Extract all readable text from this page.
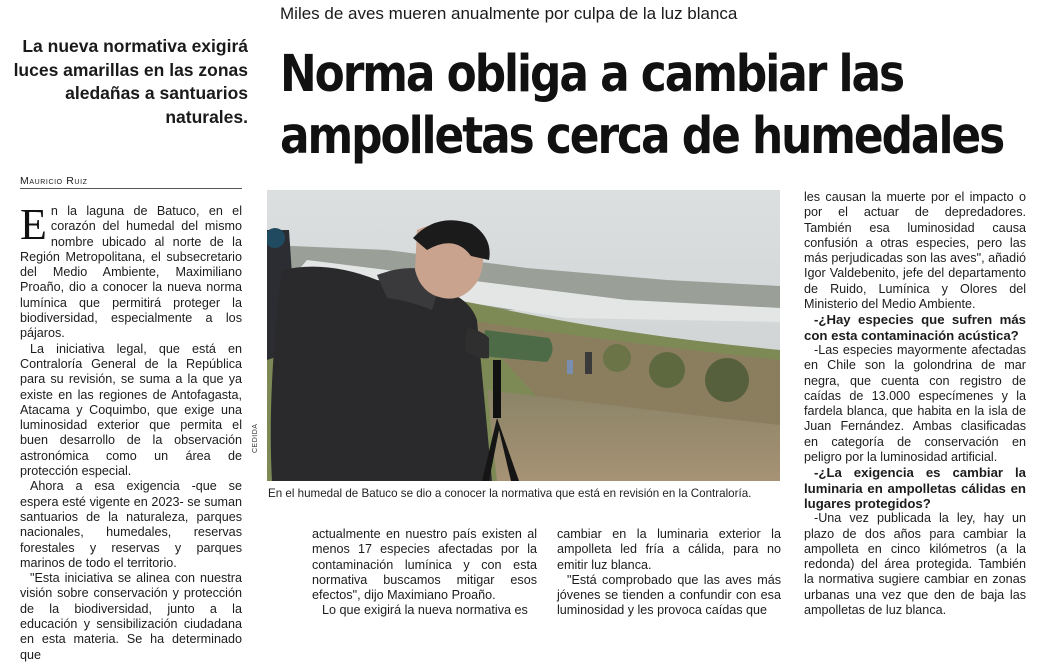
Miles de aves mueren anualmente por culpa de la luz blanca
Norma obliga a cambiar las
ampolletas cerca de humedales
La nueva normativa exigirá luces amarillas en las zonas aledañas a santuarios naturales.
Mauricio Ruiz

En la laguna de Batuco, en el corazón del humedal del mismo nombre ubicado al norte de la Región Metropolitana, el subsecretario del Medio Ambiente, Maximiliano Proaño, dio a conocer la nueva norma lumínica que permitirá proteger la biodiversidad, especialmente a los pájaros.

La iniciativa legal, que está en Contraloría General de la República para su revisión, se suma a la que ya existe en las regiones de Antofagasta, Atacama y Coquimbo, que exige una luminosidad exterior que permita el buen desarrollo de la observación astronómica como un área de protección especial.

Ahora a esa exigencia -que se espera esté vigente en 2023- se suman santuarios de la naturaleza, parques nacionales, humedales, reservas forestales y reservas y parques marinos de todo el territorio.

"Esta iniciativa se alinea con nuestra visión sobre conservación y protección de la biodiversidad, junto a la educación y sensibilización ciudadana en esta materia. Se ha determinado que

CEDIDA
En el humedal de Batuco se dio a conocer la normativa que está en revisión en la Contraloría.

actualmente en nuestro país existen al menos 17 especies afectadas por la contaminación lumínica y con esta normativa buscamos mitigar esos efectos", dijo Maximiano Proaño.

Lo que exigirá la nueva normativa es

cambiar en la luminaria exterior la ampolleta led fría a cálida, para no emitir luz blanca.

"Está comprobado que las aves más jóvenes se tienden a confundir con esa luminosidad y les provoca caídas que

les causan la muerte por el impacto o por el actuar de depredadores. También esa luminosidad causa confusión a otras especies, pero las más perjudicadas son las aves", añadió Igor Valdebenito, jefe del departamento de Ruido, Lumínica y Olores del Ministerio del Medio Ambiente.

-¿Hay especies que sufren más con esta contaminación acústica?

-Las especies mayormente afectadas en Chile son la golondrina de mar negra, que cuenta con registro de caídas de 13.000 especímenes y la fardela blanca, que habita en la isla de Juan Fernández. Ambas clasificadas en categoría de conservación en peligro por la luminosidad artificial.

-¿La exigencia es cambiar la luminaria en ampolletas cálidas en lugares protegidos?

-Una vez publicada la ley, hay un plazo de dos años para cambiar la ampolleta en cinco kilómetros (a la redonda) del área protegida. También la normativa sugiere cambiar en zonas urbanas una vez que den de baja las ampolletas de luz blanca.
